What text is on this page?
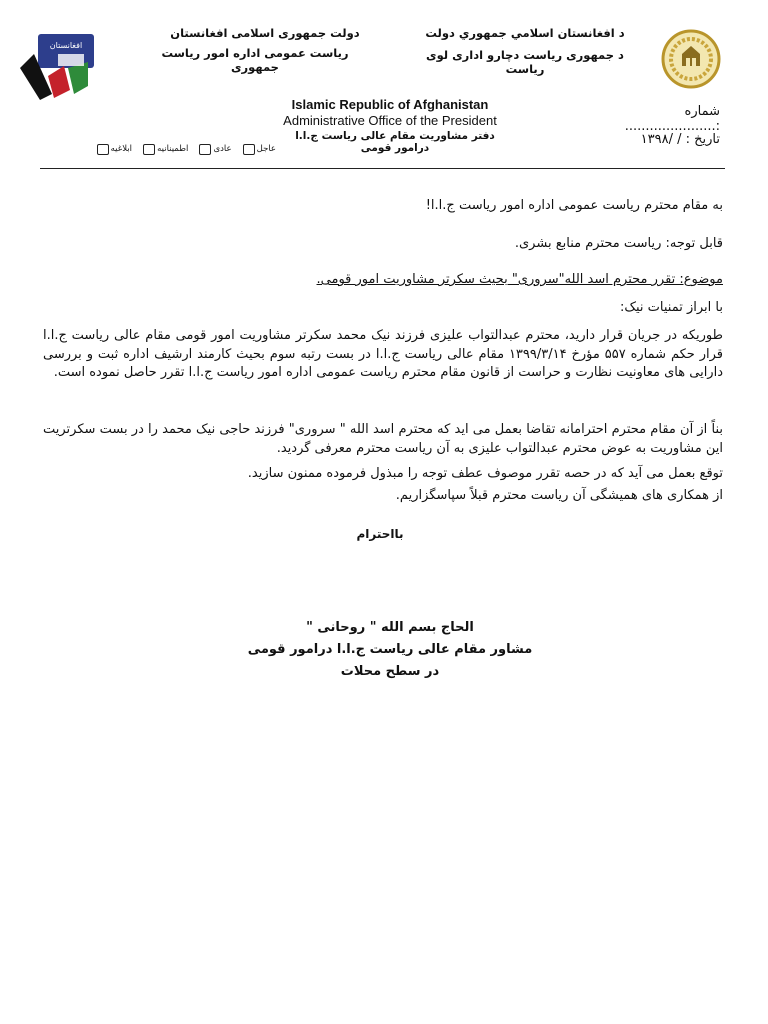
افغانستان
دولت جمهوری اسلامی افغانستان
ریاست عمومی اداره امور ریاست جمهوری
د افغانستان اسلامي جمهوري دولت
د جمهوری ریاست دچارو اداری لوی ریاست
Islamic Republic of Afghanistan
Administrative Office of the President
دفتر مشاوریت مقام عالی ریاست ج.ا.ا درامور قومی
شماره :......................
تاریخ : / /۱۳۹۸
عاجل

عادی

اطمینانیه

ابلاغیه
به مقام محترم ریاست عمومی اداره امور ریاست ج.ا.ا!
قابل توجه: ریاست محترم منابع بشری.
موضوع: تقرر محترم اسد الله"سروری" بحیث سکرتر مشاوریت امور قومی.
با ابراز تمنیات نیک:
طوریکه در جریان قرار دارید، محترم عبدالتواب علیزی فرزند نیک محمد سکرتر مشاوریت امور قومی مقام عالی ریاست ج.ا.ا قرار حکم شماره ۵۵۷ مؤرخ ۱۳۹۹/۳/۱۴ مقام عالی ریاست ج.ا.ا در بست رتبه سوم بحیث کارمند ارشیف اداره ثبت و بررسی دارایی های معاونیت نظارت و حراست از قانون مقام محترم ریاست عمومی اداره امور ریاست ج.ا.ا تقرر حاصل نموده است.
بناً از آن مقام محترم احترامانه تقاضا بعمل می اید که محترم اسد الله " سروری" فرزند حاجی نیک محمد را در بست سکرتریت این مشاوریت به عوض محترم عبدالتواب علیزی به آن ریاست محترم معرفی گردید.
توقع بعمل می آید که در حصه تقرر موصوف عطف توجه را مبذول فرموده ممنون سازید.
از همکاری های همیشگی آن ریاست محترم قبلاً سپاسگزاریم.
بااحترام
الحاج بسم الله " روحانی "
مشاور مقام عالی ریاست ج.ا.ا درامور قومی
در سطح محلات
